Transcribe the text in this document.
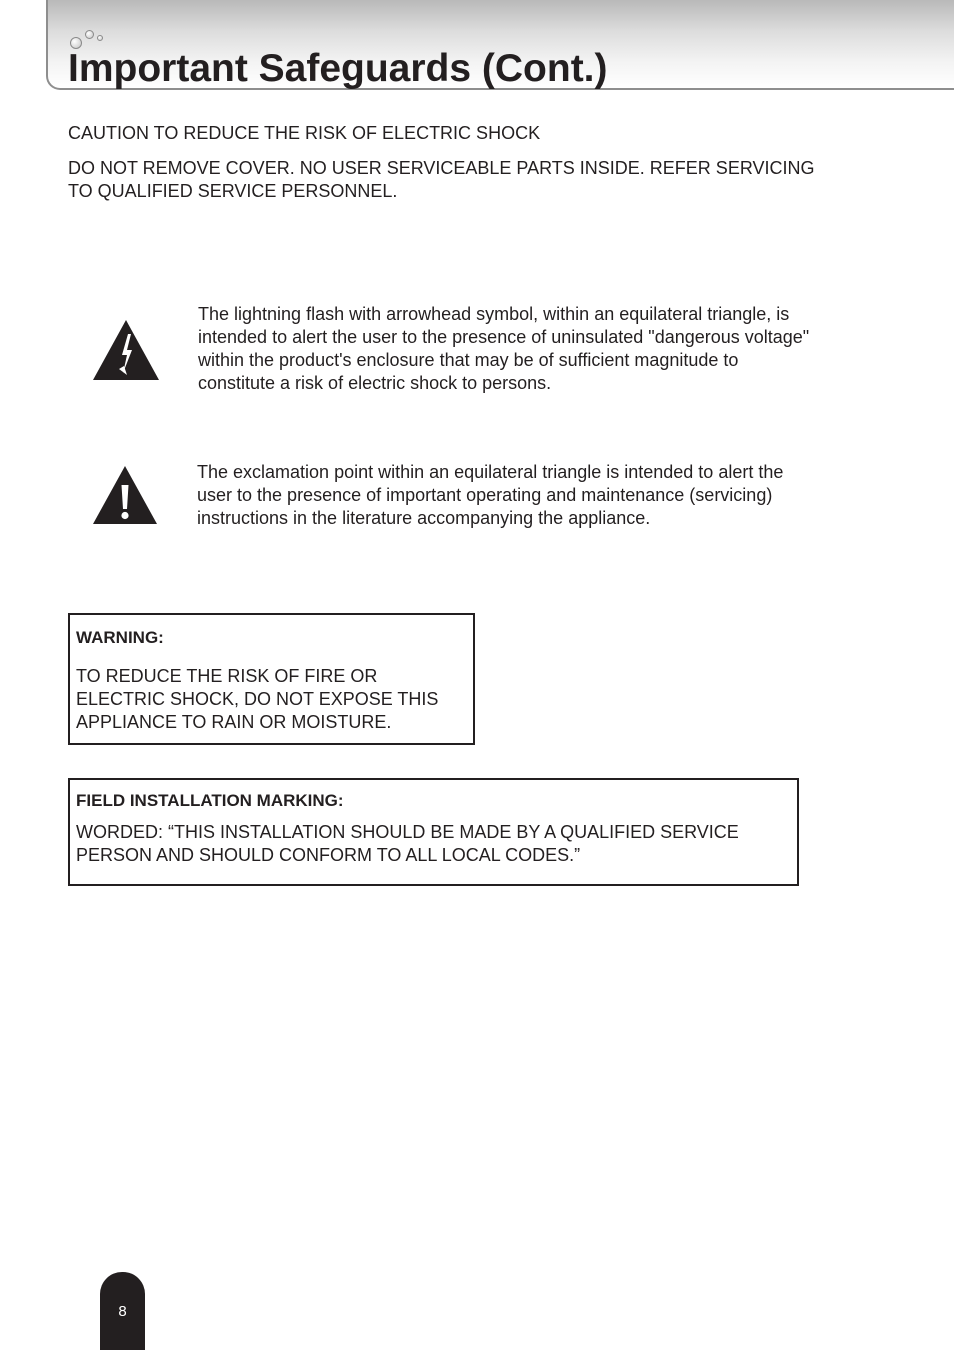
Important Safeguards (Cont.)

CAUTION TO REDUCE THE RISK OF ELECTRIC SHOCK

DO NOT REMOVE COVER. NO USER SERVICEABLE PARTS INSIDE. REFER SERVICING TO QUALIFIED SERVICE PERSONNEL.

The lightning flash with arrowhead symbol, within an equilateral triangle, is intended to alert the user to the presence of uninsulated "dangerous voltage" within the product's enclosure that may be of sufficient magnitude to constitute a risk of electric shock to persons.

The exclamation point within an equilateral triangle is intended to alert the user to the presence of important operating and maintenance (servicing) instructions in the literature accompanying the appliance.

WARNING:

TO REDUCE THE RISK OF FIRE OR ELECTRIC SHOCK, DO NOT EXPOSE THIS APPLIANCE TO RAIN OR MOISTURE.

FIELD INSTALLATION MARKING:

WORDED: “THIS INSTALLATION SHOULD BE MADE BY A QUALIFIED SERVICE PERSON AND SHOULD CONFORM TO ALL LOCAL CODES.”

8
